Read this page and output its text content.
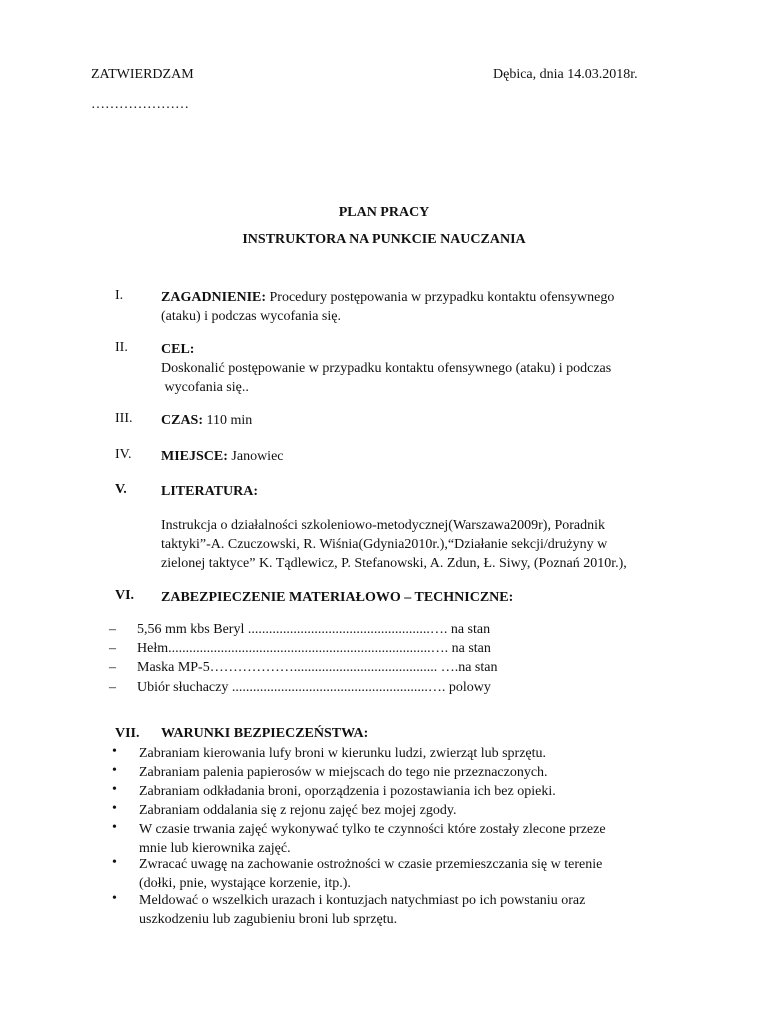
ZATWIERDZAM	Dębica, dnia 14.03.2018r.
…………………
PLAN PRACY
INSTRUKTORA NA PUNKCIE NAUCZANIA
I.	ZAGADNIENIE: Procedury postępowania w przypadku kontaktu ofensywnego
(ataku) i podczas wycofania się.
II. CEL:
Doskonalić postępowanie w przypadku kontaktu ofensywnego (ataku) i podczas
wycofania się..
III. CZAS: 110 min
IV. MIEJSCE: Janowiec
V. LITERATURA:
Instrukcja o działalności szkoleniowo-metodycznej(Warszawa2009r), Poradnik
taktyki”-A. Czuczowski, R. Wiśnia(Gdynia2010r.),“Działanie sekcji/drużyny w
zielonej taktyce” K. Tądlewicz, P. Stefanowski, A. Zdun, Ł. Siwy, (Poznań 2010r.),
VI. ZABEZPIECZENIE MATERIAŁOWO – TECHNICZNE:
– 5,56 mm kbs Beryl ....................................................…. na stan
– Hełm...........................................................................…. na stan
– Maska MP-5………………......................................... ….na stan
– Ubiór słuchaczy ........................................................…. polowy
VII. WARUNKI BEZPIECZEŃSTWA:
• Zabraniam kierowania lufy broni w kierunku ludzi, zwierząt lub sprzętu.
• Zabraniam palenia papierosów w miejscach do tego nie przeznaczonych.
• Zabraniam odkładania broni, oporządzenia i pozostawiania ich bez opieki.
• Zabraniam oddalania się z rejonu zajęć bez mojej zgody.
• W czasie trwania zajęć wykonywać tylko te czynności które zostały zlecone przeze
mnie lub kierownika zajęć.
• Zwracać uwagę na zachowanie ostrożności w czasie przemieszczania się w terenie
(dołki, pnie, wystające korzenie, itp.).
• Meldować o wszelkich urazach i kontuzjach natychmiast po ich powstaniu oraz
uszkodzeniu lub zagubieniu broni lub sprzętu.
